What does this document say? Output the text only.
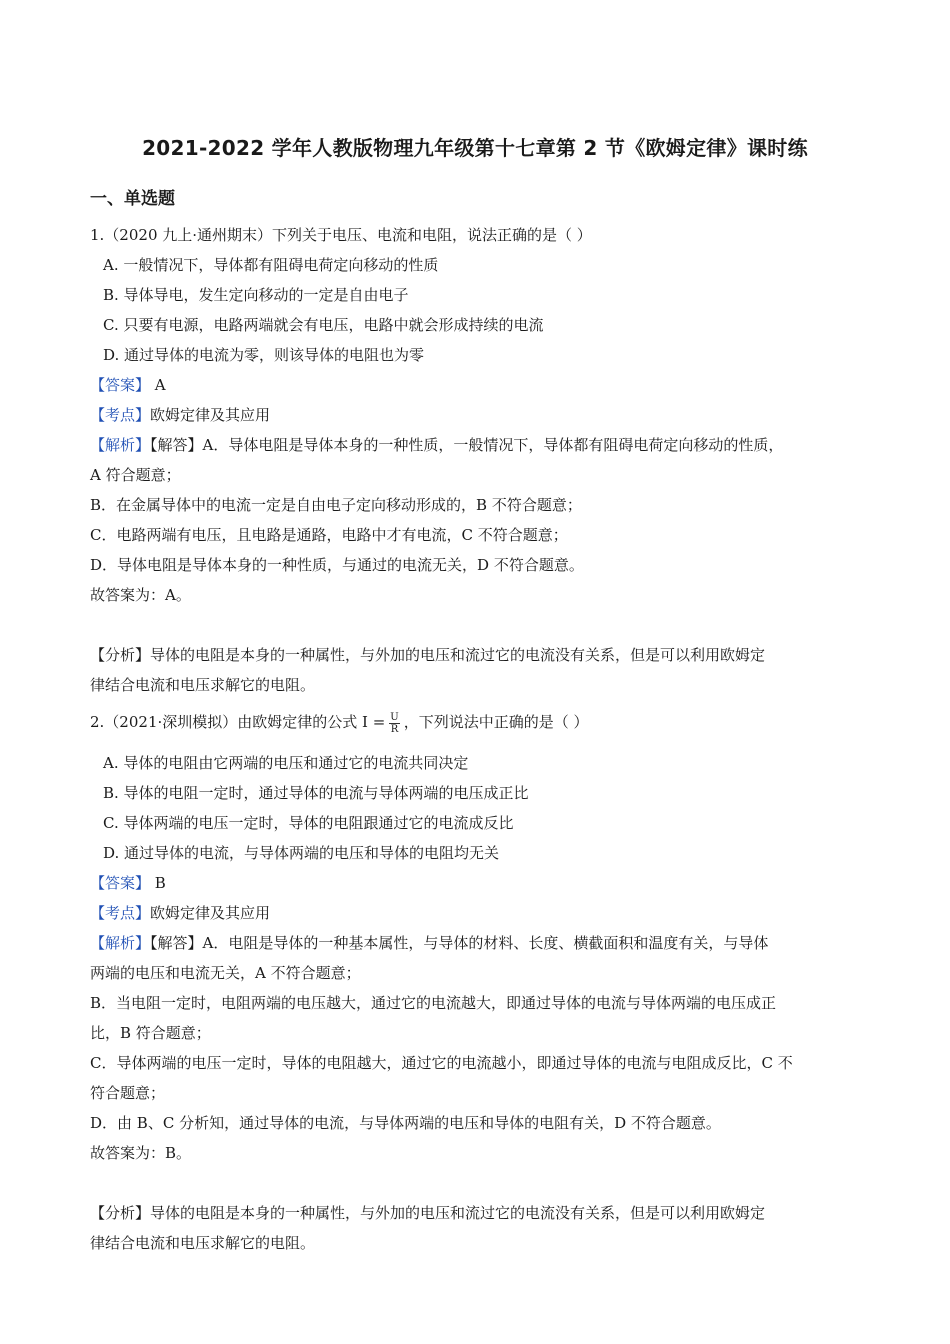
2021-2022 学年人教版物理九年级第十七章第 2 节《欧姆定律》课时练
一、单选题
1.（2020 九上·通州期末）下列关于电压、电流和电阻，说法正确的是（ ）
A. 一般情况下，导体都有阻碍电荷定向移动的性质
B. 导体导电，发生定向移动的一定是自由电子
C. 只要有电源，电路两端就会有电压，电路中就会形成持续的电流
D. 通过导体的电流为零，则该导体的电阻也为零
【答案】 A
【考点】欧姆定律及其应用
【解析】【解答】A．导体电阻是导体本身的一种性质，一般情况下，导体都有阻碍电荷定向移动的性质，
A 符合题意；
B．在金属导体中的电流一定是自由电子定向移动形成的，B 不符合题意；
C．电路两端有电压，且电路是通路，电路中才有电流，C 不符合题意；
D．导体电阻是导体本身的一种性质，与通过的电流无关，D 不符合题意。
故答案为：A。
【分析】导体的电阻是本身的一种属性，与外加的电压和流过它的电流没有关系，但是可以利用欧姆定
律结合电流和电压求解它的电阻。
2.（2021·深圳模拟）由欧姆定律的公式 $I = \frac{U}{R}$ ，下列说法中正确的是（ ）
A. 导体的电阻由它两端的电压和通过它的电流共同决定
B. 导体的电阻一定时，通过导体的电流与导体两端的电压成正比
C. 导体两端的电压一定时，导体的电阻跟通过它的电流成反比
D. 通过导体的电流，与导体两端的电压和导体的电阻均无关
【答案】 B
【考点】欧姆定律及其应用
【解析】【解答】A．电阻是导体的一种基本属性，与导体的材料、长度、横截面积和温度有关，与导体
两端的电压和电流无关，A 不符合题意；
B．当电阻一定时，电阻两端的电压越大，通过它的电流越大，即通过导体的电流与导体两端的电压成正
比，B 符合题意；
C．导体两端的电压一定时，导体的电阻越大，通过它的电流越小，即通过导体的电流与电阻成反比，C 不
符合题意；
D．由 B、C 分析知，通过导体的电流，与导体两端的电压和导体的电阻有关，D 不符合题意。
故答案为：B。
【分析】导体的电阻是本身的一种属性，与外加的电压和流过它的电流没有关系，但是可以利用欧姆定
律结合电流和电压求解它的电阻。
